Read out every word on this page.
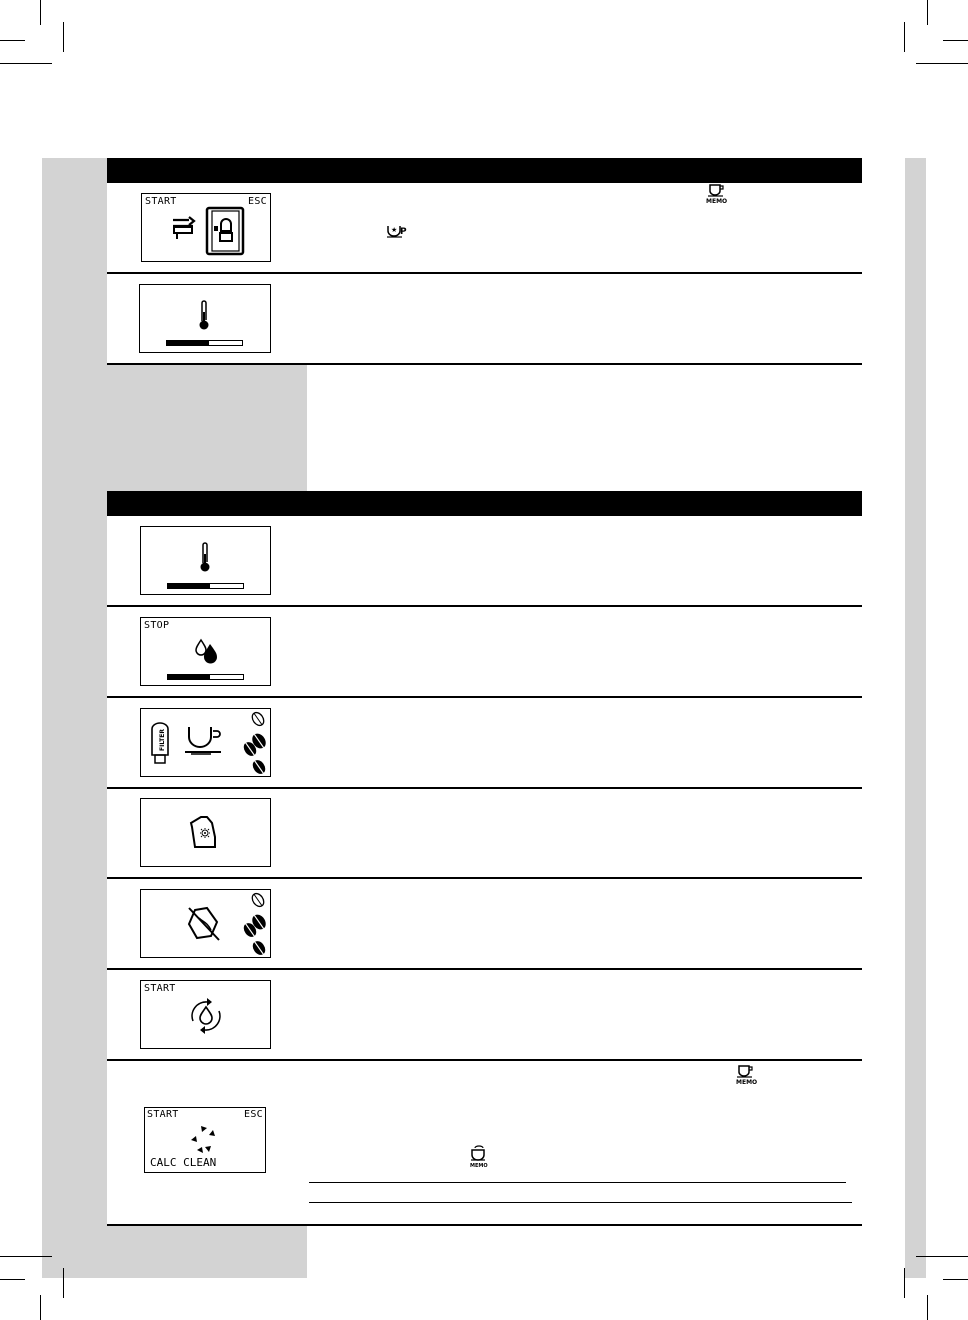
START	ESC	MEMO
★ P
STOP
FILTER
START
START	ESC
CALC CLEAN
MEMO
MEMO
